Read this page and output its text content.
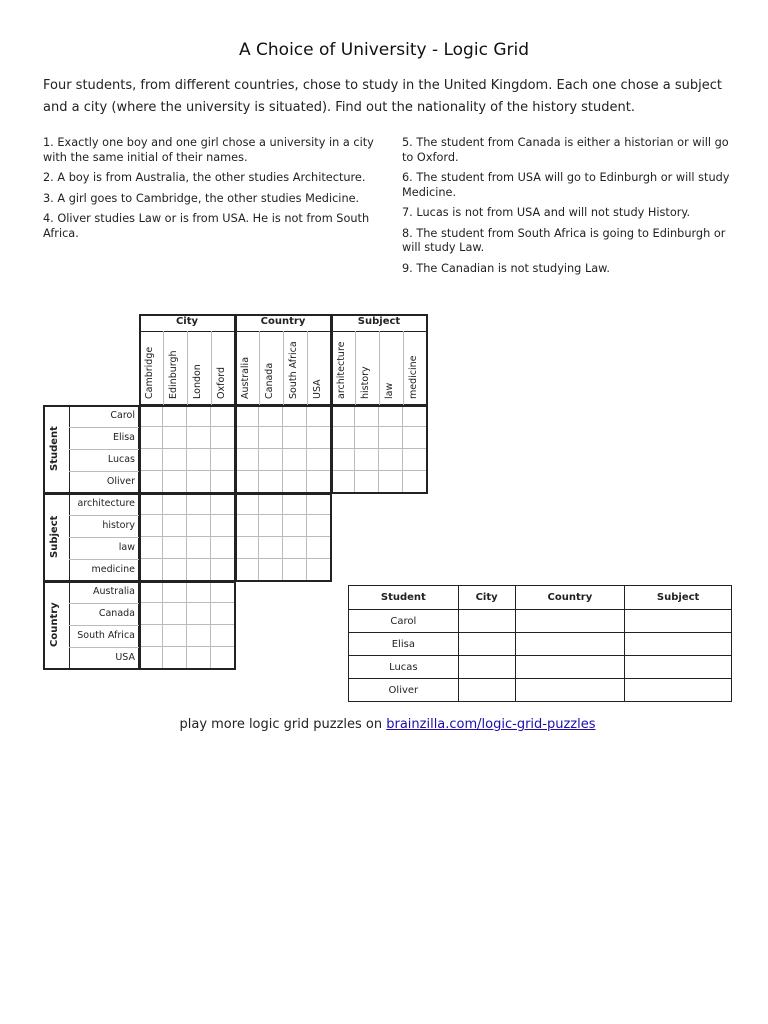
A Choice of University - Logic Grid
Four students, from different countries, chose to study in the United Kingdom. Each one chose a subject and a city (where the university is situated). Find out the nationality of the history student.
1. Exactly one boy and one girl chose a university in a city with the same initial of their names.
2. A boy is from Australia, the other studies Architecture.
3. A girl goes to Cambridge, the other studies Medicine.
4. Oliver studies Law or is from USA. He is not from South Africa.
5. The student from Canada is either a historian or will go to Oxford.
6. The student from USA will go to Edinburgh or will study Medicine.
7. Lucas is not from USA and will not study History.
8. The student from South Africa is going to Edinburgh or will study Law.
9. The Canadian is not studying Law.
City
Cambridge	Edinburgh	London	Oxford
Country
Australia	Canada	South Africa	USA
Subject
architecture	history	law	medicine
Student
Carol
Elisa
Lucas
Oliver
Subject
architecture
history
law
medicine
Country
Australia
Canada
South Africa
USA
Student	City	Country	Subject
Carol			
Elisa			
Lucas			
Oliver			
play more logic grid puzzles on brainzilla.com/logic-grid-puzzles
